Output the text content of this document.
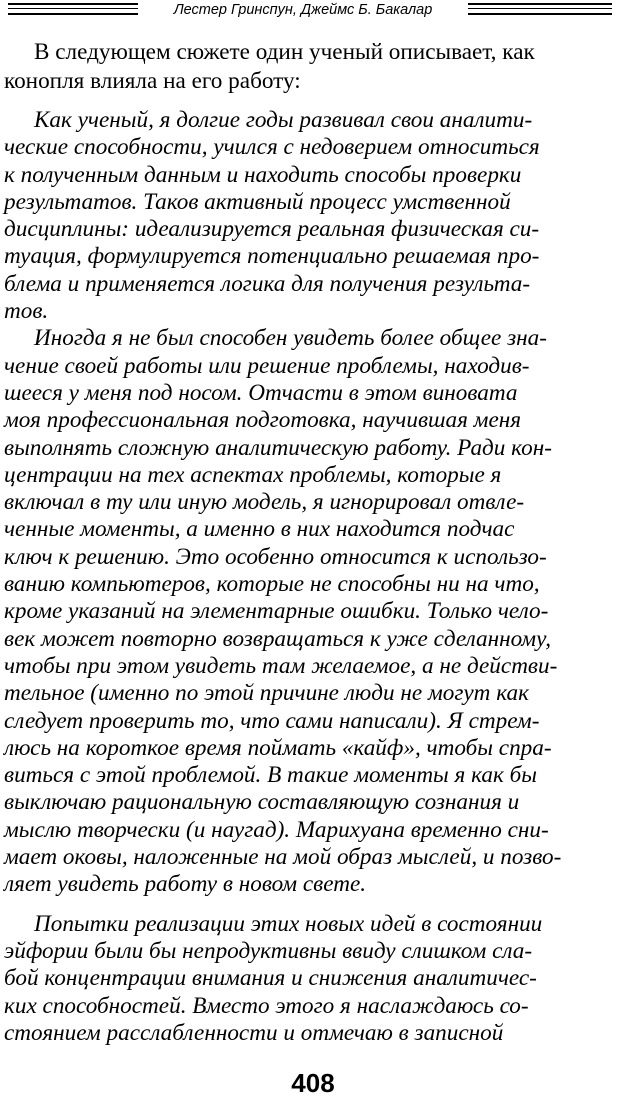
Лестер Гринспун, Джеймс Б. Бакалар

В следующем сюжете один ученый описывает, как
конопля влияла на его работу:

Как ученый, я долгие годы развивал свои аналити-
ческие способности, учился с недоверием относиться
к полученным данным и находить способы проверки
результатов. Таков активный процесс умственной
дисциплины: идеализируется реальная физическая си-
туация, формулируется потенциально решаемая про-
блема и применяется логика для получения результа-
тов.

Иногда я не был способен увидеть более общее зна-
чение своей работы или решение проблемы, находив-
шееся у меня под носом. Отчасти в этом виновата
моя профессиональная подготовка, научившая меня
выполнять сложную аналитическую работу. Ради кон-
центрации на тех аспектах проблемы, которые я
включал в ту или иную модель, я игнорировал отвле-
ченные моменты, а именно в них находится подчас
ключ к решению. Это особенно относится к использо-
ванию компьютеров, которые не способны ни на что,
кроме указаний на элементарные ошибки. Только чело-
век может повторно возвращаться к уже сделанному,
чтобы при этом увидеть там желаемое, а не действи-
тельное (именно по этой причине люди не могут как
следует проверить то, что сами написали). Я стрем-
люсь на короткое время поймать «кайф», чтобы спра-
виться с этой проблемой. В такие моменты я как бы
выключаю рациональную составляющую сознания и
мыслю творчески (и наугад). Марихуана временно сни-
мает оковы, наложенные на мой образ мыслей, и позво-
ляет увидеть работу в новом свете.

Попытки реализации этих новых идей в состоянии
эйфории были бы непродуктивны ввиду слишком сла-
бой концентрации внимания и снижения аналитичес-
ких способностей. Вместо этого я наслаждаюсь со-
стоянием расслабленности и отмечаю в записной

408
